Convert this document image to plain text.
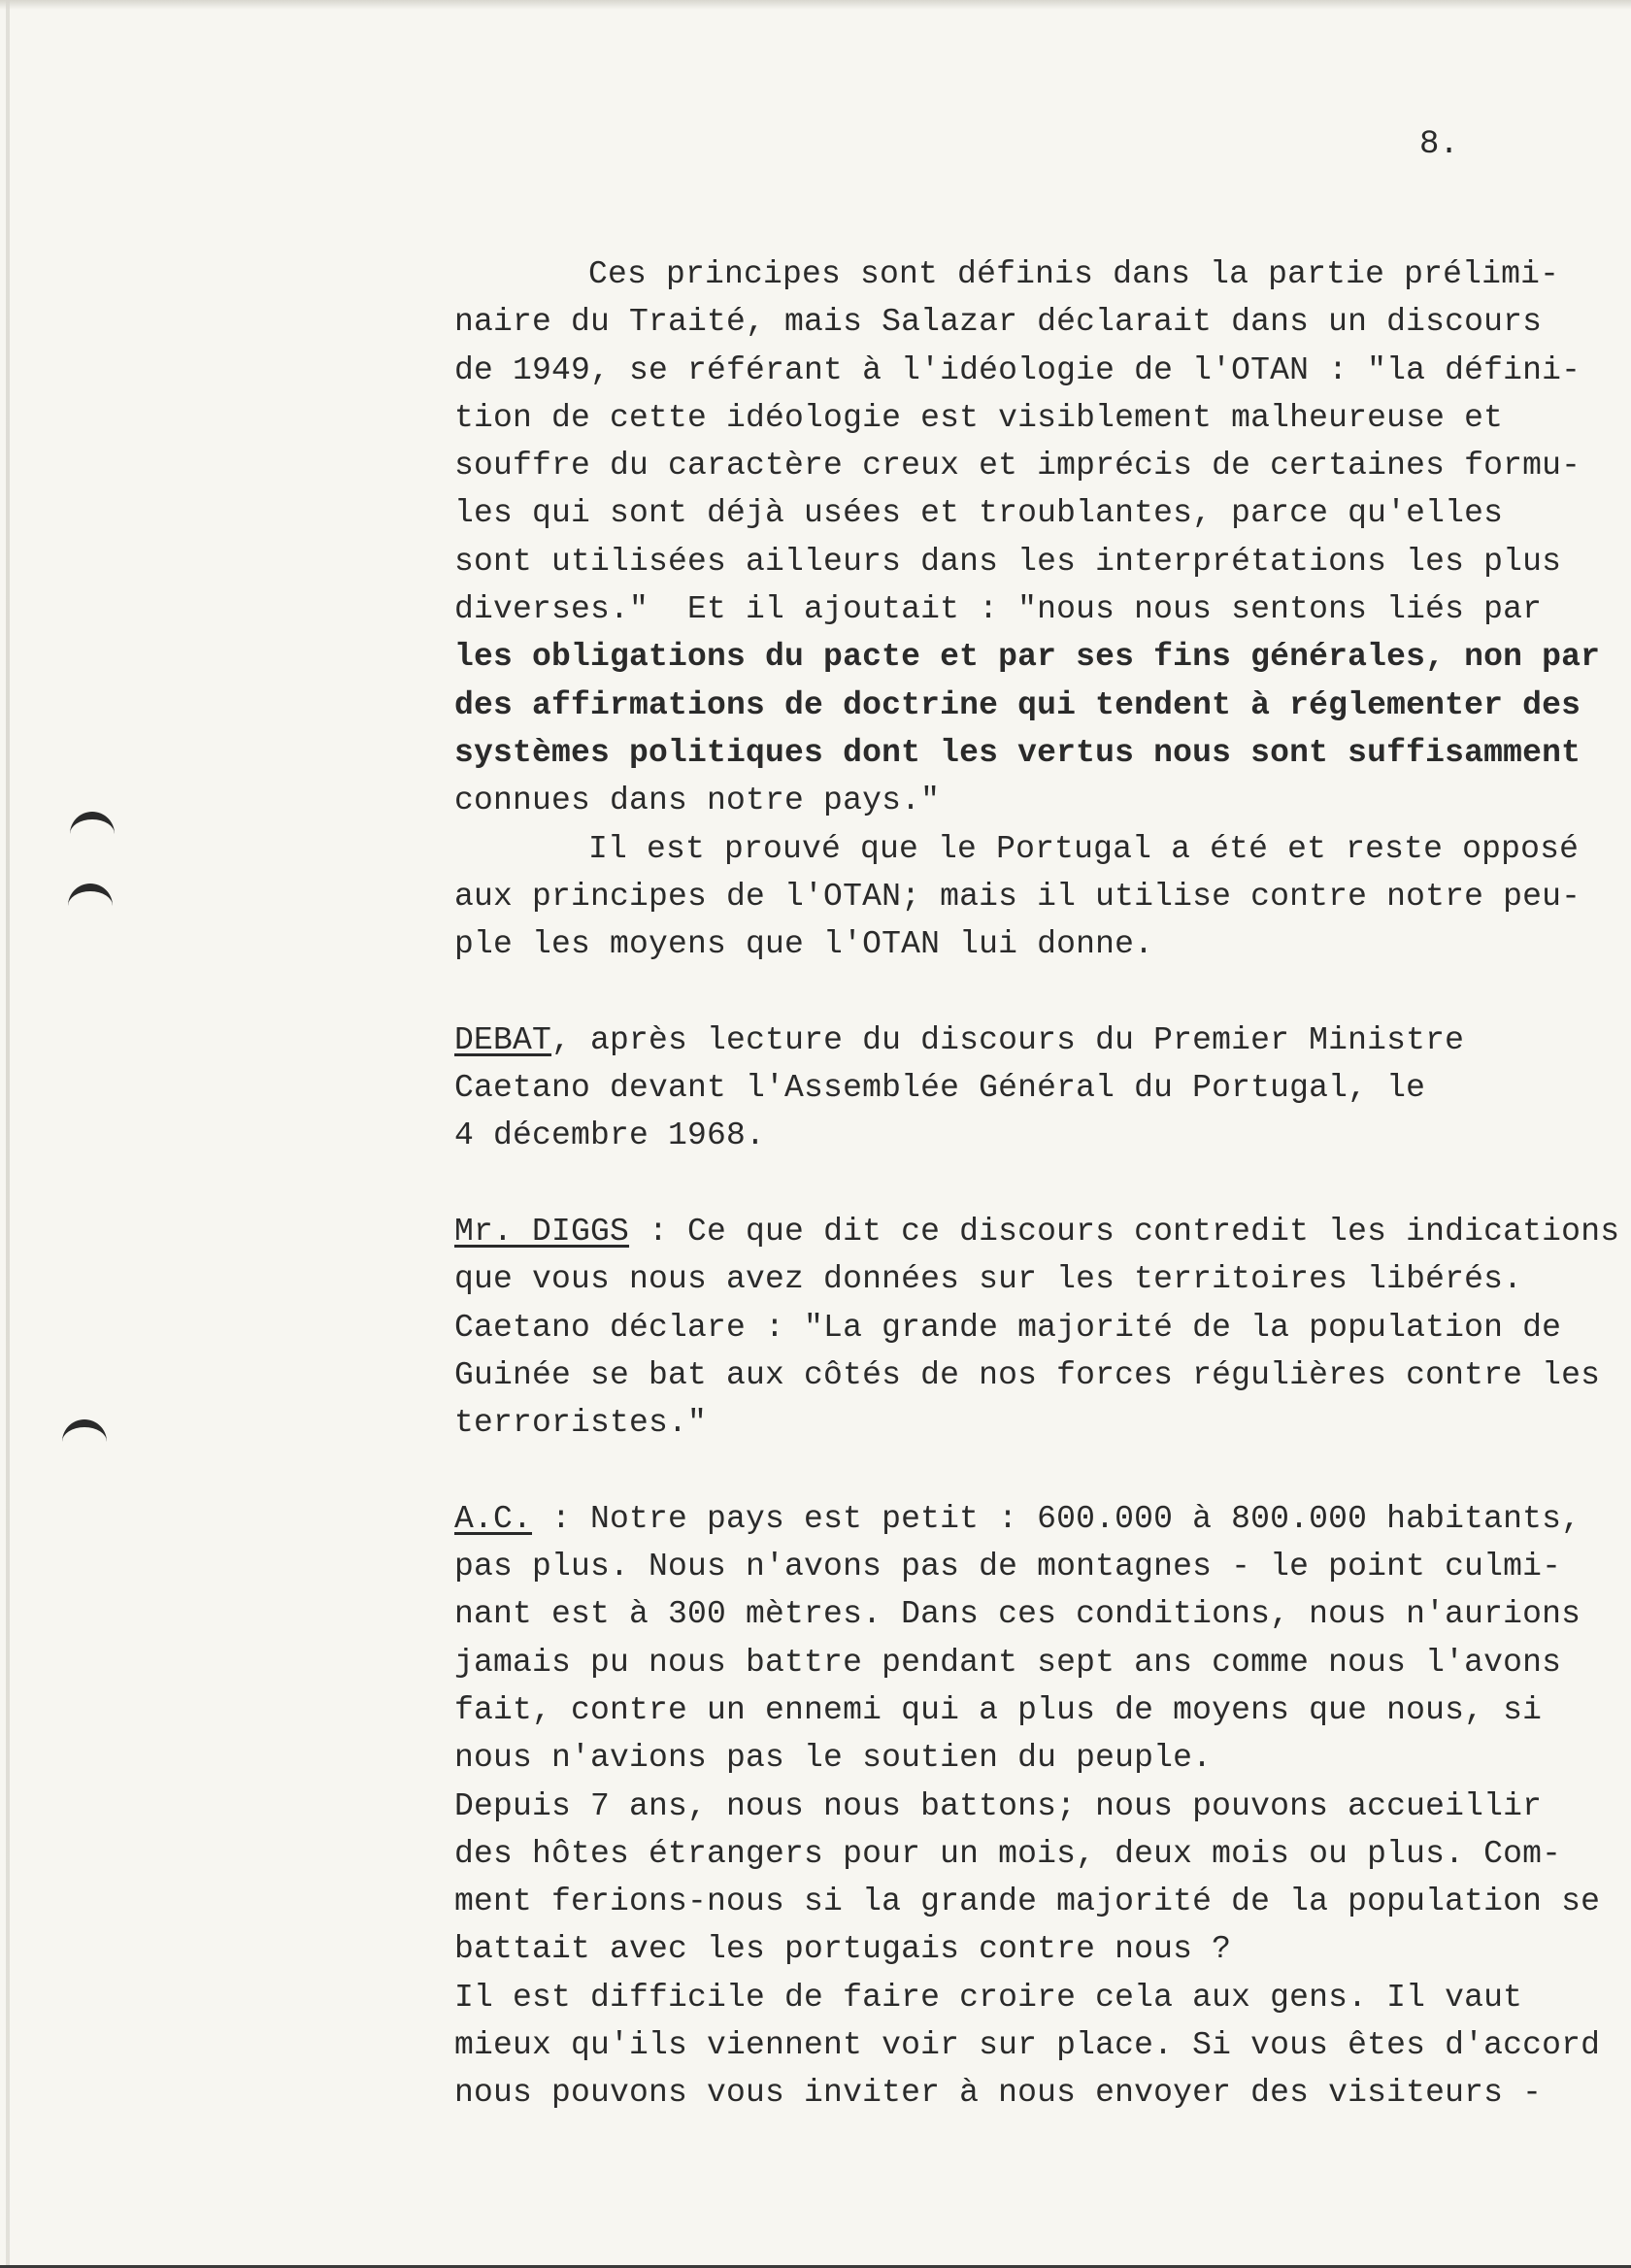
8.

Ces principes sont définis dans la partie prélimi-
naire du Traité, mais Salazar déclarait dans un discours
de 1949, se référant à l'idéologie de l'OTAN : "la défini-
tion de cette idéologie est visiblement malheureuse et
souffre du caractère creux et imprécis de certaines formu-
les qui sont déjà usées et troublantes, parce qu'elles
sont utilisées ailleurs dans les interprétations les plus
diverses."  Et il ajoutait : "nous nous sentons liés par
les obligations du pacte et par ses fins générales, non par
des affirmations de doctrine qui tendent à réglementer des
systèmes politiques dont les vertus nous sont suffisamment
connues dans notre pays."
Il est prouvé que le Portugal a été et reste opposé
aux principes de l'OTAN; mais il utilise contre notre peu-
ple les moyens que l'OTAN lui donne.
DEBAT, après lecture du discours du Premier Ministre
Caetano devant l'Assemblée Général du Portugal, le
4 décembre 1968.
Mr. DIGGS : Ce que dit ce discours contredit les indications
que vous nous avez données sur les territoires libérés.
Caetano déclare : "La grande majorité de la population de
Guinée se bat aux côtés de nos forces régulières contre les
terroristes."
A.C. : Notre pays est petit : 600.000 à 800.000 habitants,
pas plus. Nous n'avons pas de montagnes - le point culmi-
nant est à 300 mètres. Dans ces conditions, nous n'aurions
jamais pu nous battre pendant sept ans comme nous l'avons
fait, contre un ennemi qui a plus de moyens que nous, si
nous n'avions pas le soutien du peuple.
Depuis 7 ans, nous nous battons; nous pouvons accueillir
des hôtes étrangers pour un mois, deux mois ou plus. Com-
ment ferions-nous si la grande majorité de la population se
battait avec les portugais contre nous ?
Il est difficile de faire croire cela aux gens. Il vaut
mieux qu'ils viennent voir sur place. Si vous êtes d'accord
nous pouvons vous inviter à nous envoyer des visiteurs -
